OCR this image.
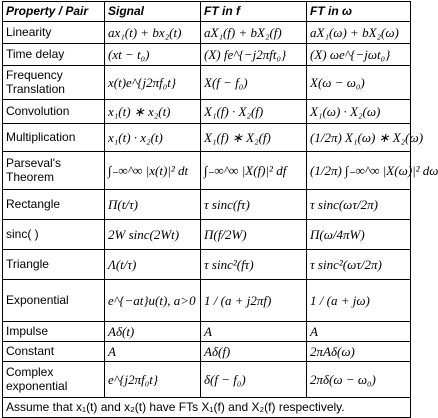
Property / Pair	Signal	FT in f	FT in ω
Linearity	ax₁(t) + bx₂(t)	aX₁(f) + bX₂(f)	aX₁(ω) + bX₂(ω)
Time delay	(xt − t₀)	(X) fe^{−j2πft₀}	(X) ωe^{−jωt₀}
Frequency Translation	x(t)e^{j2πf₀t}	X(f − f₀)	X(ω − ω₀)
Convolution	x₁(t) ∗ x₂(t)	X₁(f) · X₂(f)	X₁(ω) · X₂(ω)
Multiplication	x₁(t) · x₂(t)	X₁(f) ∗ X₂(f)	(1/2π) X₁(ω) ∗ X₂(ω)
Parseval's Theorem	∫₋∞^∞ |x(t)|² dt	∫₋∞^∞ |X(f)|² df	(1/2π) ∫₋∞^∞ |X(ω)|² dω
Rectangle	Π(t/τ)	τ sinc(fτ)	τ sinc(ωτ/2π)
sinc( )	2W sinc(2Wt)	Π(f/2W)	Π(ω/4πW)
Triangle	Λ(t/τ)	τ sinc²(fτ)	τ sinc²(ωτ/2π)
Exponential	e^{−at}u(t), a>0	1 / (a + j2πf)	1 / (a + jω)
Impulse	Aδ(t)	A	A
Constant	A	Aδ(f)	2πAδ(ω)
Complex exponential	e^{j2πf₀t}	δ(f − f₀)	2πδ(ω − ω₀)
Assume that x₁(t) and x₂(t) have FTs X₁(f) and X₂(f) respectively.			
